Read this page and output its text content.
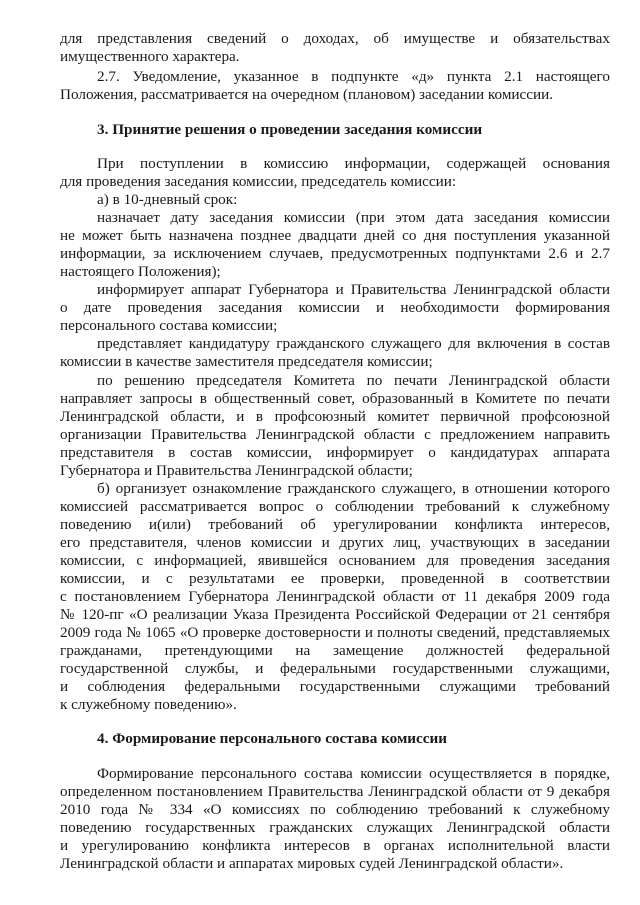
для представления сведений о доходах, об имуществе и обязательствах
имущественного характера.
2.7. Уведомление, указанное в подпункте «д» пункта 2.1 настоящего
Положения, рассматривается на очередном (плановом) заседании комиссии.
3. Принятие решения о проведении заседания комиссии
При поступлении в комиссию информации, содержащей основания
для проведения заседания комиссии, председатель комиссии:
а) в 10-дневный срок:
назначает дату заседания комиссии (при этом дата заседания комиссии
не может быть назначена позднее двадцати дней со дня поступления указанной
информации, за исключением случаев, предусмотренных подпунктами 2.6 и 2.7
настоящего Положения);
информирует аппарат Губернатора и Правительства Ленинградской области
о дате проведения заседания комиссии и необходимости формирования
персонального состава комиссии;
представляет кандидатуру гражданского служащего для включения в состав
комиссии в качестве заместителя председателя комиссии;
по решению председателя Комитета по печати Ленинградской области
направляет запросы в общественный совет, образованный в Комитете по печати
Ленинградской области, и в профсоюзный комитет первичной профсоюзной
организации Правительства Ленинградской области с предложением направить
представителя в состав комиссии, информирует о кандидатурах аппарата
Губернатора и Правительства Ленинградской области;
б) организует ознакомление гражданского служащего, в отношении которого
комиссией рассматривается вопрос о соблюдении требований к служебному
поведению и(или) требований об урегулировании конфликта интересов,
его представителя, членов комиссии и других лиц, участвующих в заседании
комиссии, с информацией, явившейся основанием для проведения заседания
комиссии, и с результатами ее проверки, проведенной в соответствии
с постановлением Губернатора Ленинградской области от 11 декабря 2009 года
№ 120-пг «О реализации Указа Президента Российской Федерации от 21 сентября
2009 года № 1065 «О проверке достоверности и полноты сведений, представляемых
гражданами, претендующими на замещение должностей федеральной
государственной службы, и федеральными государственными служащими,
и соблюдения федеральными государственными служащими требований
к служебному поведению».
4. Формирование персонального состава комиссии
Формирование персонального состава комиссии осуществляется в порядке,
определенном постановлением Правительства Ленинградской области от 9 декабря
2010 года № 334 «О комиссиях по соблюдению требований к служебному
поведению государственных гражданских служащих Ленинградской области
и урегулированию конфликта интересов в органах исполнительной власти
Ленинградской области и аппаратах мировых судей Ленинградской области».
